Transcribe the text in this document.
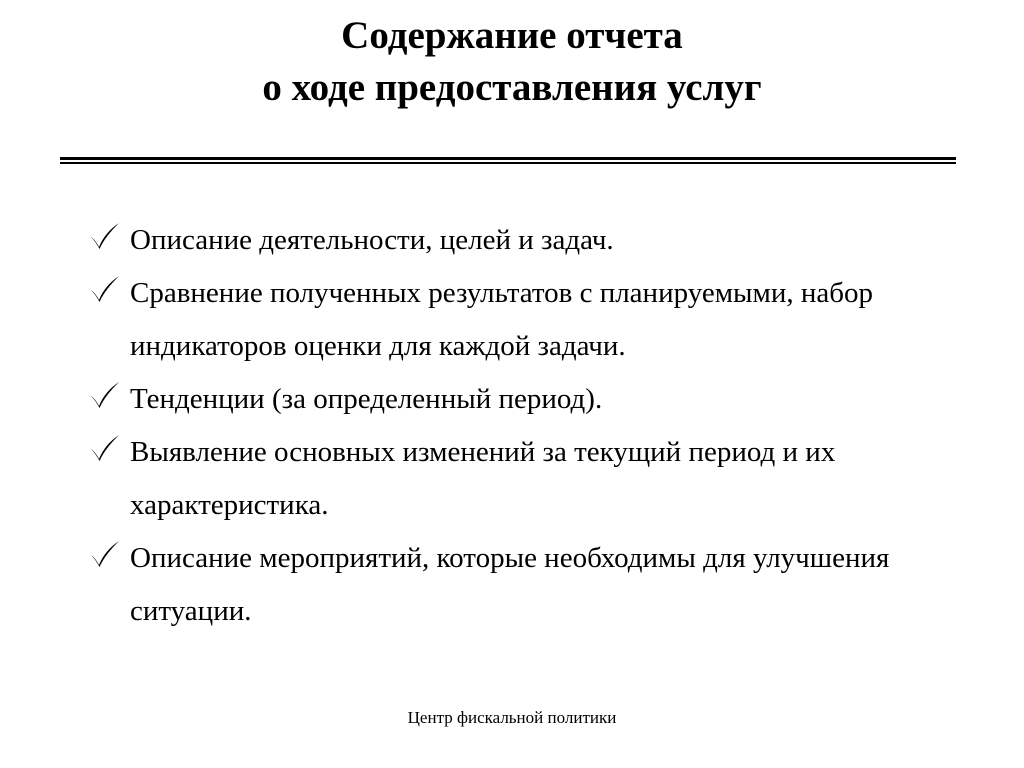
Содержание отчета
о ходе предоставления услуг
Описание деятельности, целей и задач.
Сравнение полученных результатов с планируемыми, набор индикаторов оценки для каждой задачи.
Тенденции (за определенный период).
Выявление основных изменений за текущий период и их характеристика.
Описание мероприятий, которые необходимы для улучшения ситуации.
Центр фискальной политики
